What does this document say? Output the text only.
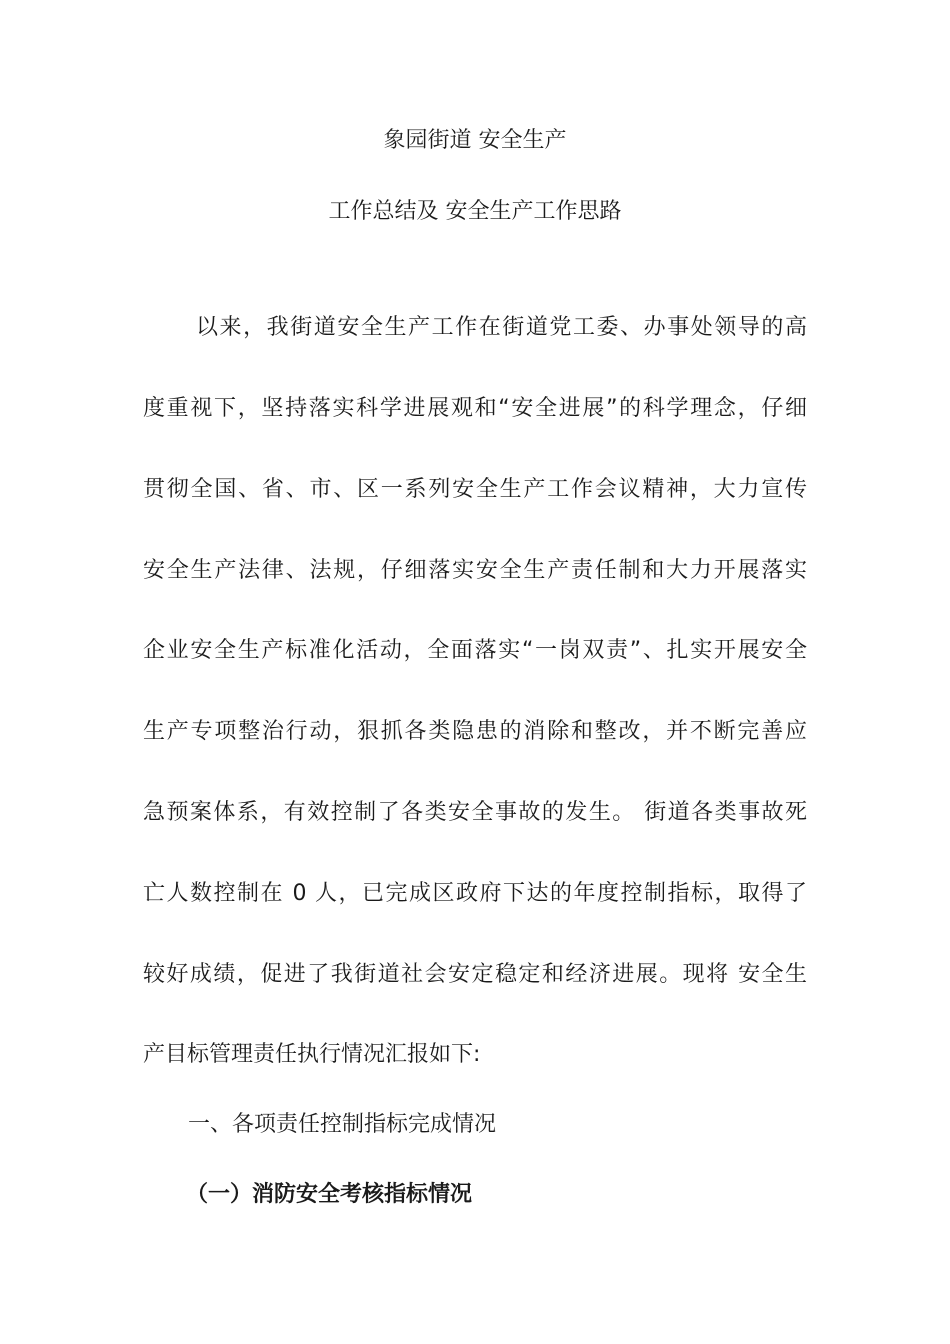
象园街道 安全生产
工作总结及 安全生产工作思路
以来，我街道安全生产工作在街道党工委、办事处领导的高
度重视下，坚持落实科学进展观和“安全进展”的科学理念，仔细
贯彻全国、省、市、区一系列安全生产工作会议精神，大力宣传
安全生产法律、法规，仔细落实安全生产责任制和大力开展落实
企业安全生产标准化活动，全面落实“一岗双责”、扎实开展安全
生产专项整治行动，狠抓各类隐患的消除和整改，并不断完善应
急预案体系，有效控制了各类安全事故的发生。 街道各类事故死
亡人数控制在 0 人，已完成区政府下达的年度控制指标，取得了
较好成绩，促进了我街道社会安定稳定和经济进展。现将 安全生
产目标管理责任执行情况汇报如下:
一、各项责任控制指标完成情况
（一）消防安全考核指标情况
